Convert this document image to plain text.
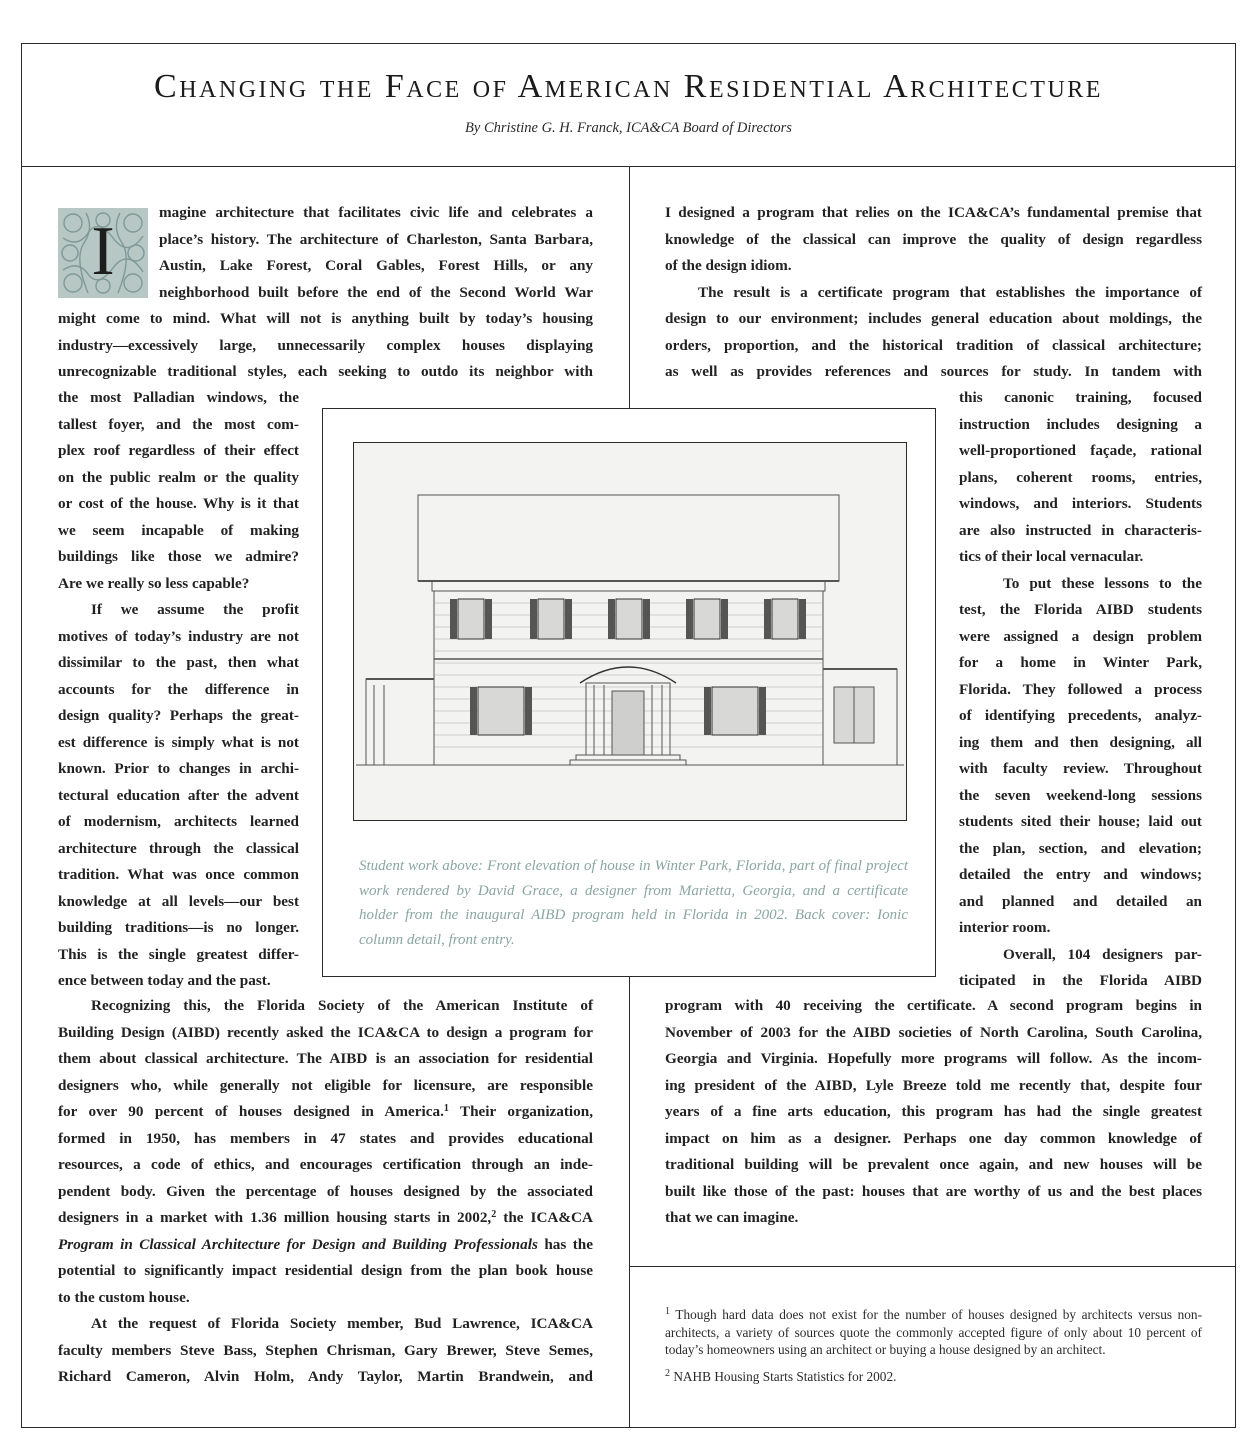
Changing the Face of American Residential Architecture
By Christine G. H. Franck, ICA&CA Board of Directors
I
magine architecture that facilitates civic life and celebrates a
place’s history. The architecture of Charleston, Santa Barbara,
Austin, Lake Forest, Coral Gables, Forest Hills, or any
neighborhood built before the end of the Second World War
might come to mind. What will not is anything built by today’s housing
industry—excessively large, unnecessarily complex houses displaying
unrecognizable traditional styles, each seeking to outdo its neighbor with
the most Palladian windows, the
tallest foyer, and the most com-
plex roof regardless of their effect
on the public realm or the quality
or cost of the house. Why is it that
we seem incapable of making
buildings like those we admire?
Are we really so less capable?
If we assume the profit
motives of today’s industry are not
dissimilar to the past, then what
accounts for the difference in
design quality? Perhaps the great-
est difference is simply what is not
known. Prior to changes in archi-
tectural education after the advent
of modernism, architects learned
architecture through the classical
tradition. What was once common
knowledge at all levels—our best
building traditions—is no longer.
This is the single greatest differ-
ence between today and the past.
Recognizing this, the Florida Society of the American Institute of
Building Design (AIBD) recently asked the ICA&CA to design a program for
them about classical architecture. The AIBD is an association for residential
designers who, while generally not eligible for licensure, are responsible
for over 90 percent of houses designed in America.$^1$ Their organization,
formed in 1950, has members in 47 states and provides educational
resources, a code of ethics, and encourages certification through an inde-
pendent body. Given the percentage of houses designed by the associated
designers in a market with 1.36 million housing starts in 2002,$^2$ the ICA&CA
Program in Classical Architecture for Design and Building Professionals has the
potential to significantly impact residential design from the plan book house
to the custom house.
At the request of Florida Society member, Bud Lawrence, ICA&CA
faculty members Steve Bass, Stephen Chrisman, Gary Brewer, Steve Semes,
Richard Cameron, Alvin Holm, Andy Taylor, Martin Brandwein, and
I designed a program that relies on the ICA&CA’s fundamental premise that
knowledge of the classical can improve the quality of design regardless
of the design idiom.
The result is a certificate program that establishes the importance of
design to our environment; includes general education about moldings, the
orders, proportion, and the historical tradition of classical architecture;
as well as provides references and sources for study. In tandem with
this canonic training, focused
instruction includes designing a
well-proportioned façade, rational
plans, coherent rooms, entries,
windows, and interiors. Students
are also instructed in characteris-
tics of their local vernacular.
To put these lessons to the
test, the Florida AIBD students
were assigned a design problem
for a home in Winter Park,
Florida. They followed a process
of identifying precedents, analyz-
ing them and then designing, all
with faculty review. Throughout
the seven weekend-long sessions
students sited their house; laid out
the plan, section, and elevation;
detailed the entry and windows;
and planned and detailed an
interior room.
Overall, 104 designers par-
ticipated in the Florida AIBD
program with 40 receiving the certificate. A second program begins in
November of 2003 for the AIBD societies of North Carolina, South Carolina,
Georgia and Virginia. Hopefully more programs will follow. As the incom-
ing president of the AIBD, Lyle Breeze told me recently that, despite four
years of a fine arts education, this program has had the single greatest
impact on him as a designer. Perhaps one day common knowledge of
traditional building will be prevalent once again, and new houses will be
built like those of the past: houses that are worthy of us and the best places
that we can imagine.
Student work above: Front elevation of house in Winter Park, Florida, part of final project work rendered by David Grace, a designer from Marietta, Georgia, and a certificate holder from the inaugural AIBD program held in Florida in 2002. Back cover: Ionic column detail, front entry.

$^1$ Though hard data does not exist for the number of houses designed by architects versus non-architects, a variety of sources quote the commonly accepted figure of only about 10 percent of today’s homeowners using an architect or buying a house designed by an architect.

$^2$ NAHB Housing Starts Statistics for 2002.
